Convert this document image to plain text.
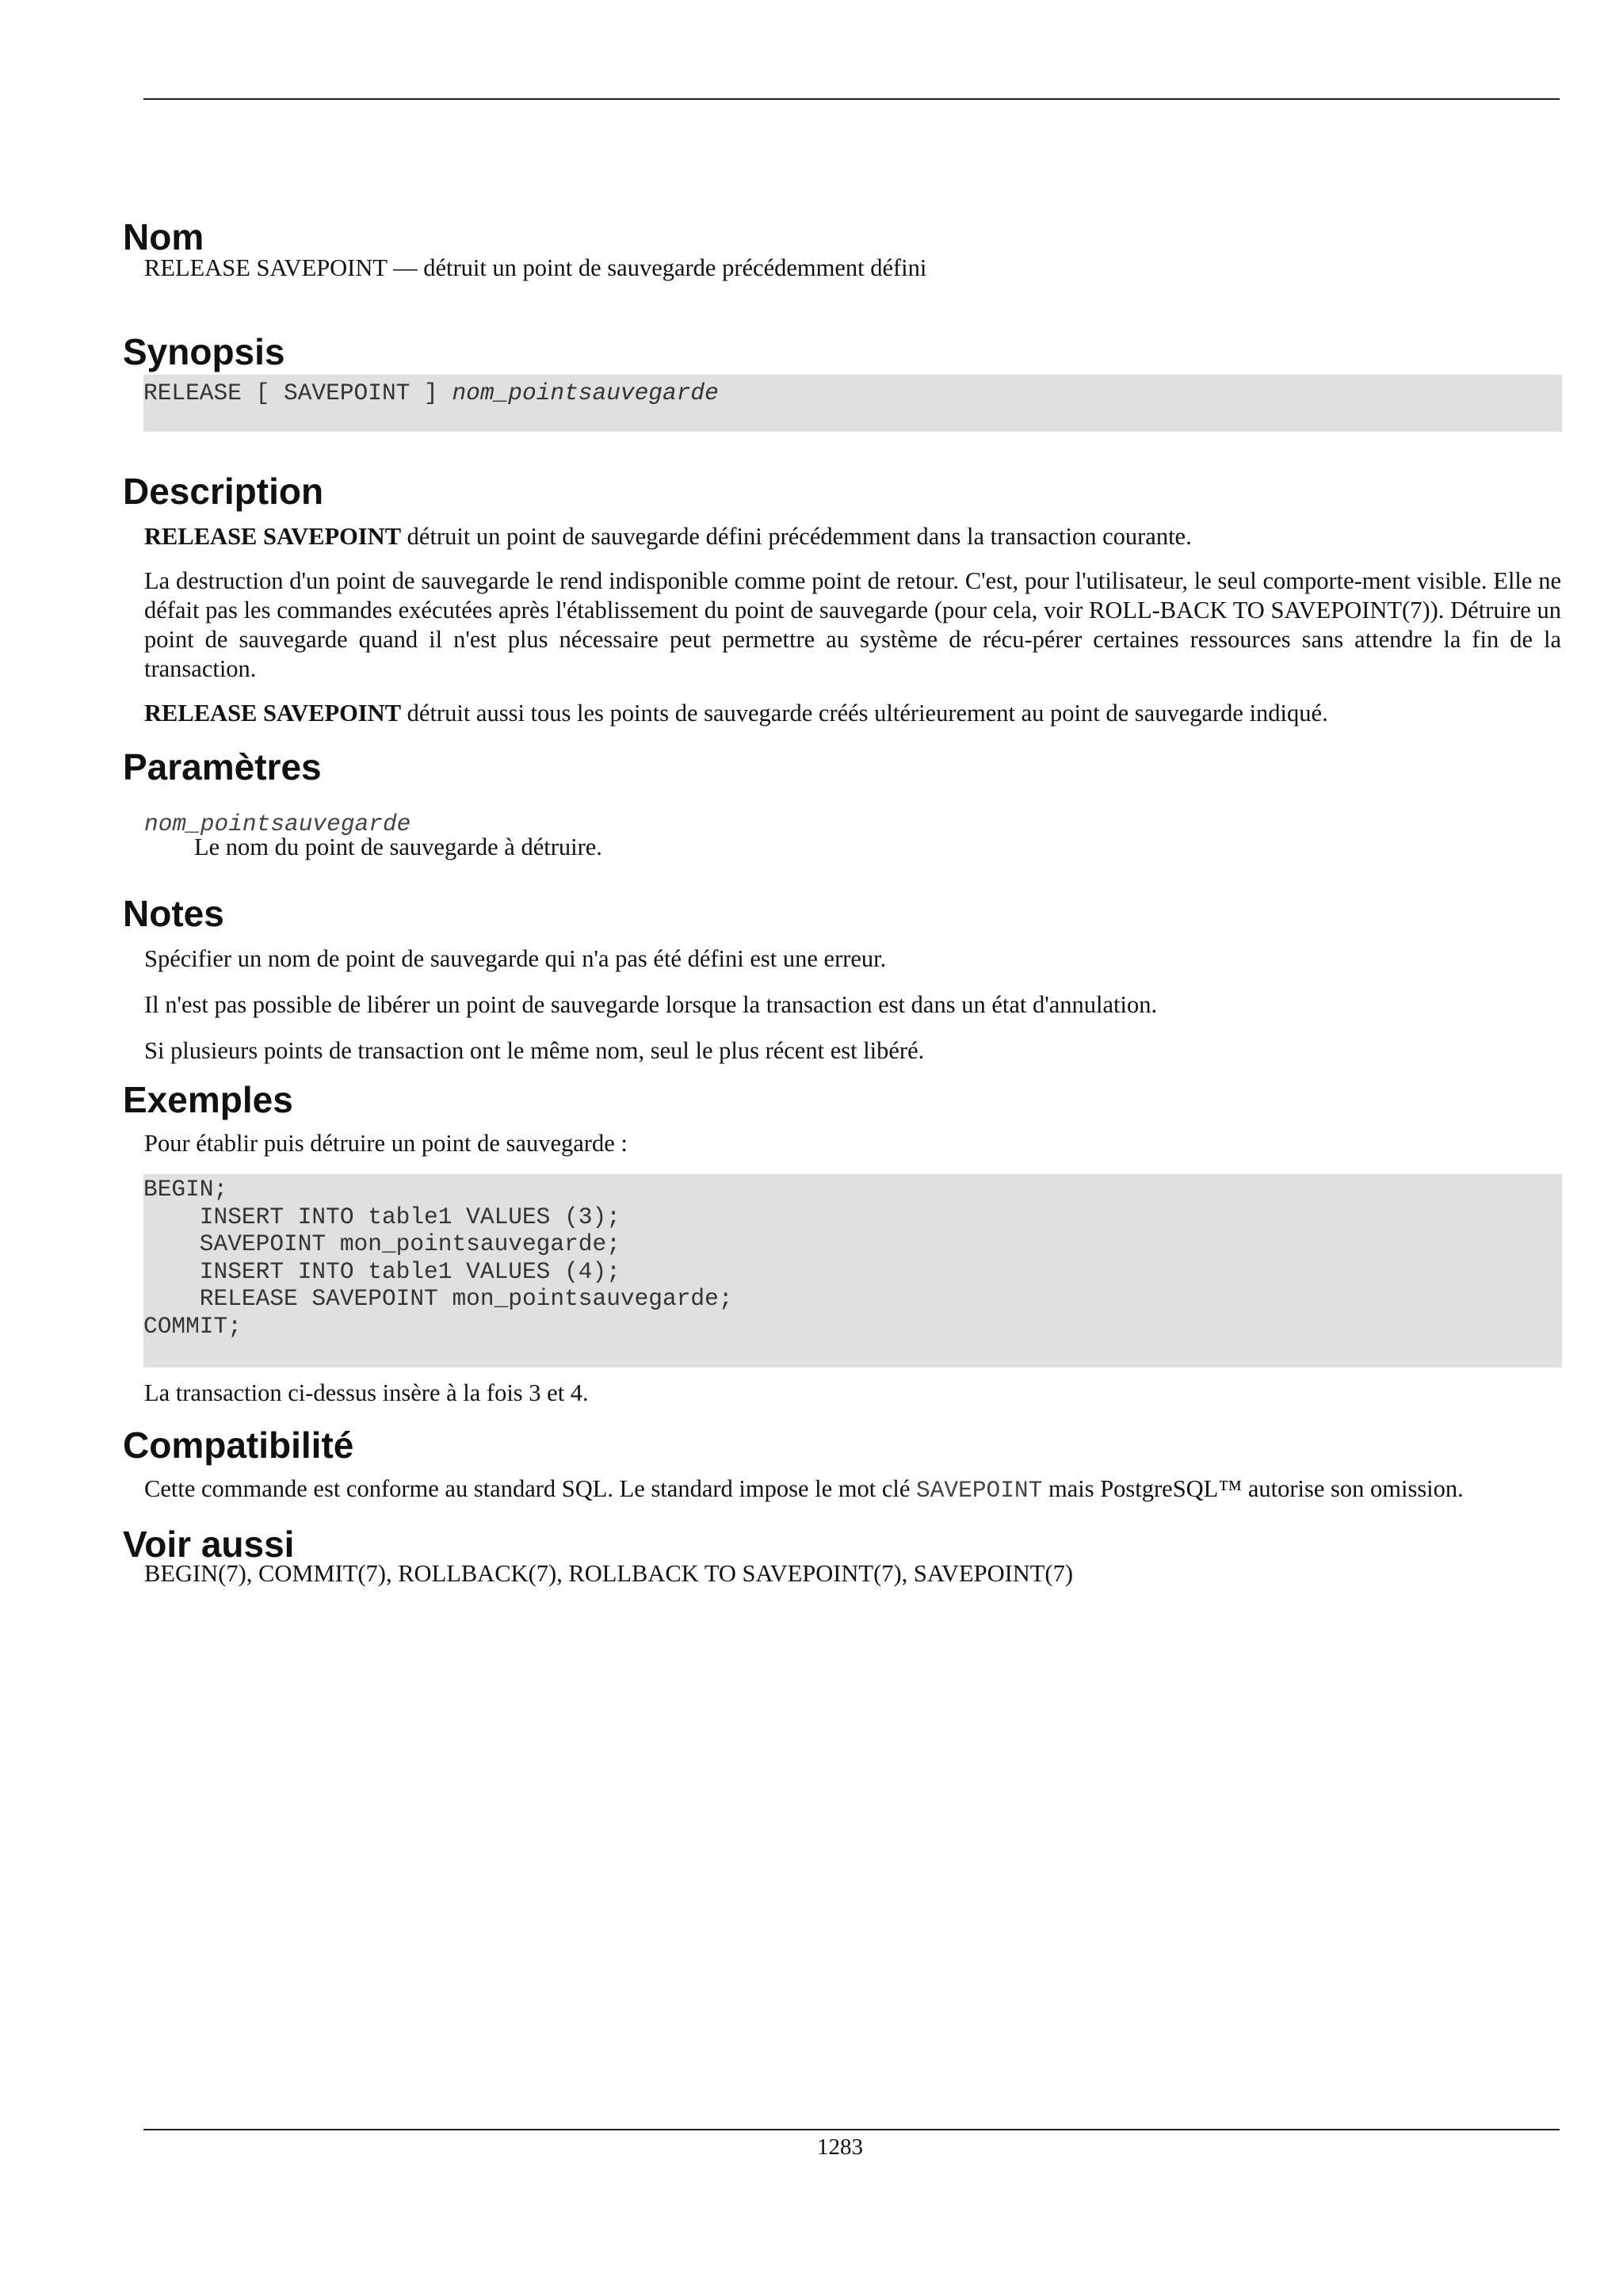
Nom

RELEASE SAVEPOINT — détruit un point de sauvegarde précédemment défini

Synopsis
RELEASE [ SAVEPOINT ] nom_pointsauvegarde
Description

RELEASE SAVEPOINT détruit un point de sauvegarde défini précédemment dans la transaction courante.

La destruction d'un point de sauvegarde le rend indisponible comme point de retour. C'est, pour l'utilisateur, le seul comporte-ment visible. Elle ne défait pas les commandes exécutées après l'établissement du point de sauvegarde (pour cela, voir ROLL-BACK TO SAVEPOINT(7)). Détruire un point de sauvegarde quand il n'est plus nécessaire peut permettre au système de récu-pérer certaines ressources sans attendre la fin de la transaction.

RELEASE SAVEPOINT détruit aussi tous les points de sauvegarde créés ultérieurement au point de sauvegarde indiqué.

Paramètres
nom_pointsauvegarde

Le nom du point de sauvegarde à détruire.

Notes

Spécifier un nom de point de sauvegarde qui n'a pas été défini est une erreur.

Il n'est pas possible de libérer un point de sauvegarde lorsque la transaction est dans un état d'annulation.

Si plusieurs points de transaction ont le même nom, seul le plus récent est libéré.

Exemples

Pour établir puis détruire un point de sauvegarde :

BEGIN;
INSERT INTO table1 VALUES (3);
SAVEPOINT mon_pointsauvegarde;
INSERT INTO table1 VALUES (4);
RELEASE SAVEPOINT mon_pointsauvegarde;
COMMIT;

La transaction ci-dessus insère à la fois 3 et 4.

Compatibilité

Cette commande est conforme au standard SQL. Le standard impose le mot clé SAVEPOINT mais PostgreSQL™ autorise son omission.

Voir aussi

BEGIN(7), COMMIT(7), ROLLBACK(7), ROLLBACK TO SAVEPOINT(7), SAVEPOINT(7)

1283
